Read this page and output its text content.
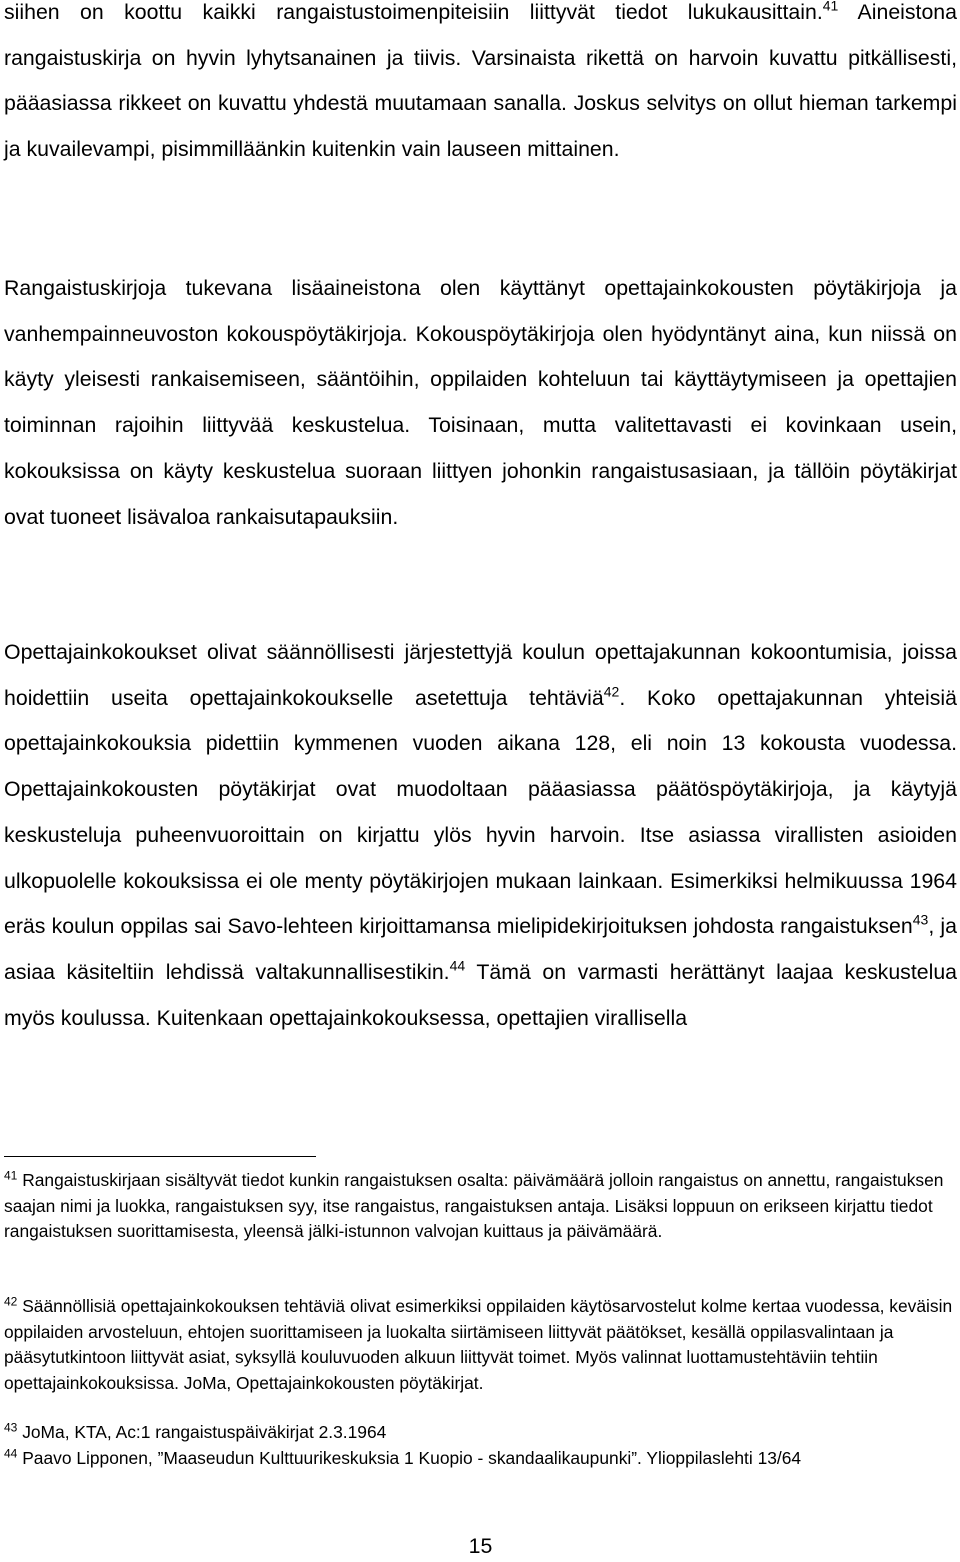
siihen on koottu kaikki rangaistustoimenpiteisiin liittyvät tiedot lukukausittain.$^{41}$ Aineistona rangaistuskirja on hyvin lyhytsanainen ja tiivis. Varsinaista rikettä on harvoin kuvattu pitkällisesti, pääasiassa rikkeet on kuvattu yhdestä muutamaan sanalla. Joskus selvitys on ollut hieman tarkempi ja kuvailevampi, pisimmilläänkin kuitenkin vain lauseen mittainen.

Rangaistuskirjoja tukevana lisäaineistona olen käyttänyt opettajainkokousten pöytäkirjoja ja vanhempainneuvoston kokouspöytäkirjoja. Kokouspöytäkirjoja olen hyödyntänyt aina, kun niissä on käyty yleisesti rankaisemiseen, sääntöihin, oppilaiden kohteluun tai käyttäytymiseen ja opettajien toiminnan rajoihin liittyvää keskustelua. Toisinaan, mutta valitettavasti ei kovinkaan usein, kokouksissa on käyty keskustelua suoraan liittyen johonkin rangaistusasiaan, ja tällöin pöytäkirjat ovat tuoneet lisävaloa rankaisutapauksiin.

Opettajainkokoukset olivat säännöllisesti järjestettyjä koulun opettajakunnan kokoontumisia, joissa hoidettiin useita opettajainkokoukselle asetettuja tehtäviä$^{42}$. Koko opettajakunnan yhteisiä opettajainkokouksia pidettiin kymmenen vuoden aikana 128, eli noin 13 kokousta vuodessa. Opettajainkokousten pöytäkirjat ovat muodoltaan pääasiassa päätöspöytäkirjoja, ja käytyjä keskusteluja puheenvuoroittain on kirjattu ylös hyvin harvoin. Itse asiassa virallisten asioiden ulkopuolelle kokouksissa ei ole menty pöytäkirjojen mukaan lainkaan. Esimerkiksi helmikuussa 1964 eräs koulun oppilas sai Savo-lehteen kirjoittamansa mielipidekirjoituksen johdosta rangaistuksen$^{43}$, ja asiaa käsiteltiin lehdissä valtakunnallisestikin.$^{44}$ Tämä on varmasti herättänyt laajaa keskustelua myös koulussa. Kuitenkaan opettajainkokouksessa, opettajien virallisella

$^{41}$ Rangaistuskirjaan sisältyvät tiedot kunkin rangaistuksen osalta: päivämäärä jolloin rangaistus on annettu, rangaistuksen saajan nimi ja luokka, rangaistuksen syy, itse rangaistus, rangaistuksen antaja. Lisäksi loppuun on erikseen kirjattu tiedot rangaistuksen suorittamisesta, yleensä jälki-istunnon valvojan kuittaus ja päivämäärä.

$^{42}$ Säännöllisiä opettajainkokouksen tehtäviä olivat esimerkiksi oppilaiden käytösarvostelut kolme kertaa vuodessa, keväisin oppilaiden arvosteluun, ehtojen suorittamiseen ja luokalta siirtämiseen liittyvät päätökset, kesällä oppilasvalintaan ja pääsytutkintoon liittyvät asiat, syksyllä kouluvuoden alkuun liittyvät toimet. Myös valinnat luottamustehtäviin tehtiin opettajainkokouksissa. JoMa, Opettajainkokousten pöytäkirjat.

$^{43}$ JoMa, KTA, Ac:1 rangaistuspäiväkirjat 2.3.1964

$^{44}$ Paavo Lipponen, ”Maaseudun Kulttuurikeskuksia 1 Kuopio - skandaalikaupunki”. Ylioppilaslehti 13/64

15
